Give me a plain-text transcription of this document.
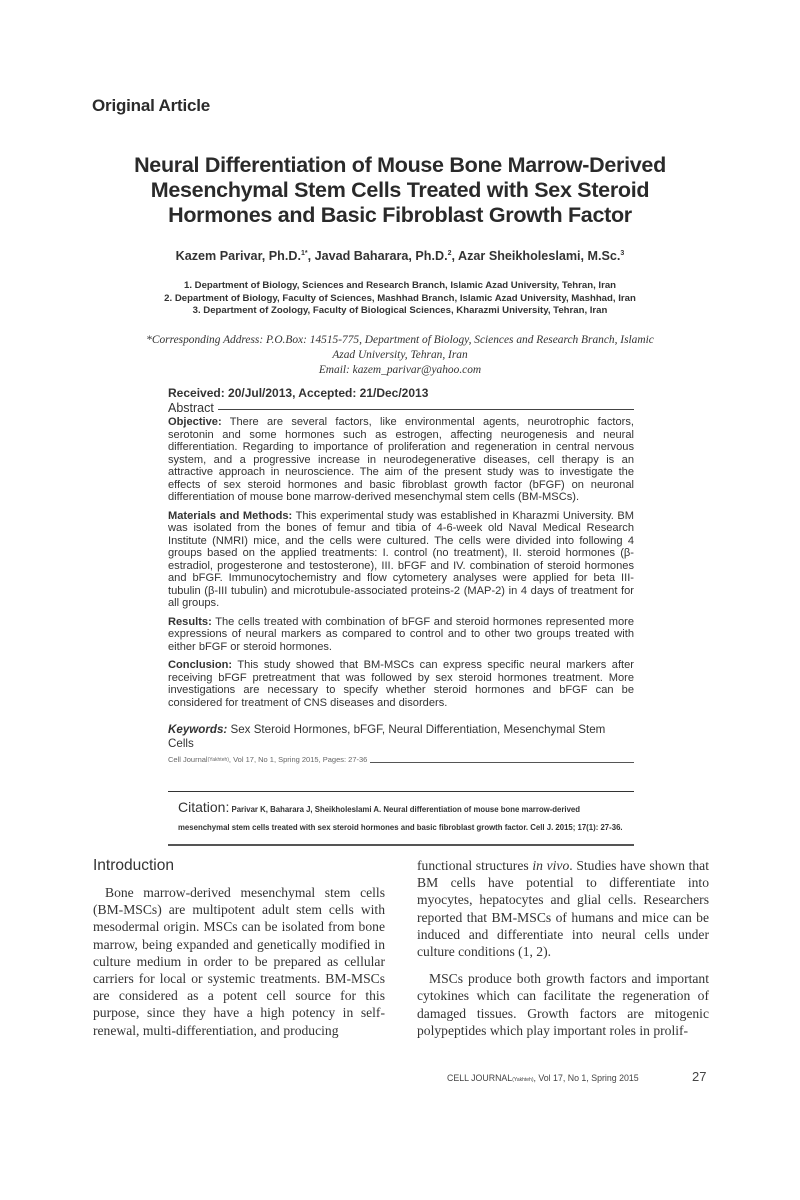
Original Article
Neural Differentiation of Mouse Bone Marrow-Derived
Mesenchymal Stem Cells Treated with Sex Steroid
Hormones and Basic Fibroblast Growth Factor
Kazem Parivar, Ph.D.$^{1*}$, Javad Baharara, Ph.D.$^2$, Azar Sheikholeslami, M.Sc.$^3$
1. Department of Biology, Sciences and Research Branch, Islamic Azad University, Tehran, Iran
2. Department of Biology, Faculty of Sciences, Mashhad Branch, Islamic Azad University, Mashhad, Iran
3. Department of Zoology, Faculty of Biological Sciences, Kharazmi University, Tehran, Iran
*Corresponding Address: P.O.Box: 14515-775, Department of Biology, Sciences and Research Branch, Islamic
Azad University, Tehran, Iran
Email: kazem_parivar@yahoo.com
Received: 20/Jul/2013, Accepted: 21/Dec/2013
Abstract

Objective: There are several factors, like environmental agents, neurotrophic factors, serotonin and some hormones such as estrogen, affecting neurogenesis and neural differentiation. Regarding to importance of proliferation and regeneration in central nervous system, and a progressive increase in neurodegenerative diseases, cell therapy is an attractive approach in neuroscience. The aim of the present study was to investigate the effects of sex steroid hormones and basic fibroblast growth factor (bFGF) on neuronal differentiation of mouse bone marrow-derived mesenchymal stem cells (BM-MSCs).

Materials and Methods: This experimental study was established in Kharazmi University. BM was isolated from the bones of femur and tibia of 4-6-week old Naval Medical Research Institute (NMRI) mice, and the cells were cultured. The cells were divided into following 4 groups based on the applied treatments: I. control (no treatment), II. steroid hormones (β-estradiol, progesterone and testosterone), III. bFGF and IV. combination of steroid hormones and bFGF. Immunocytochemistry and flow cytometery analyses were applied for beta III-tubulin (β-III tubulin) and microtubule-associated proteins-2 (MAP-2) in 4 days of treatment for all groups.

Results: The cells treated with combination of bFGF and steroid hormones represented more expressions of neural markers as compared to control and to other two groups treated with either bFGF or steroid hormones.

Conclusion: This study showed that BM-MSCs can express specific neural markers after receiving bFGF pretreatment that was followed by sex steroid hormones treatment. More investigations are necessary to specify whether steroid hormones and bFGF can be considered for treatment of CNS diseases and disorders.

Keywords: Sex Steroid Hormones, bFGF, Neural Differentiation, Mesenchymal Stem Cells
Cell Journal (Yakhteh) , Vol 17, No 1, Spring 2015, Pages: 27-36
Citation: Parivar K, Baharara J, Sheikholeslami A. Neural differentiation of mouse bone marrow-derived mesenchymal stem cells treated with sex steroid hormones and basic fibroblast growth factor. Cell J. 2015; 17(1): 27-36.
Introduction

Bone marrow-derived mesenchymal stem cells (BM-MSCs) are multipotent adult stem cells with mesodermal origin. MSCs can be isolated from bone marrow, being expanded and genetically modified in culture medium in order to be prepared as cellular carriers for local or systemic treatments. BM-MSCs are considered as a potent cell source for this purpose, since they have a high potency in self-renewal, multi-differentiation, and producing

functional structures in vivo. Studies have shown that BM cells have potential to differentiate into myocytes, hepatocytes and glial cells. Researchers reported that BM-MSCs of humans and mice can be induced and differentiate into neural cells under culture conditions (1, 2).

MSCs produce both growth factors and important cytokines which can facilitate the regeneration of damaged tissues. Growth factors are mitogenic polypeptides which play important roles in prolif-

CELL JOURNAL(Yakhteh), Vol 17, No 1, Spring 2015	27
